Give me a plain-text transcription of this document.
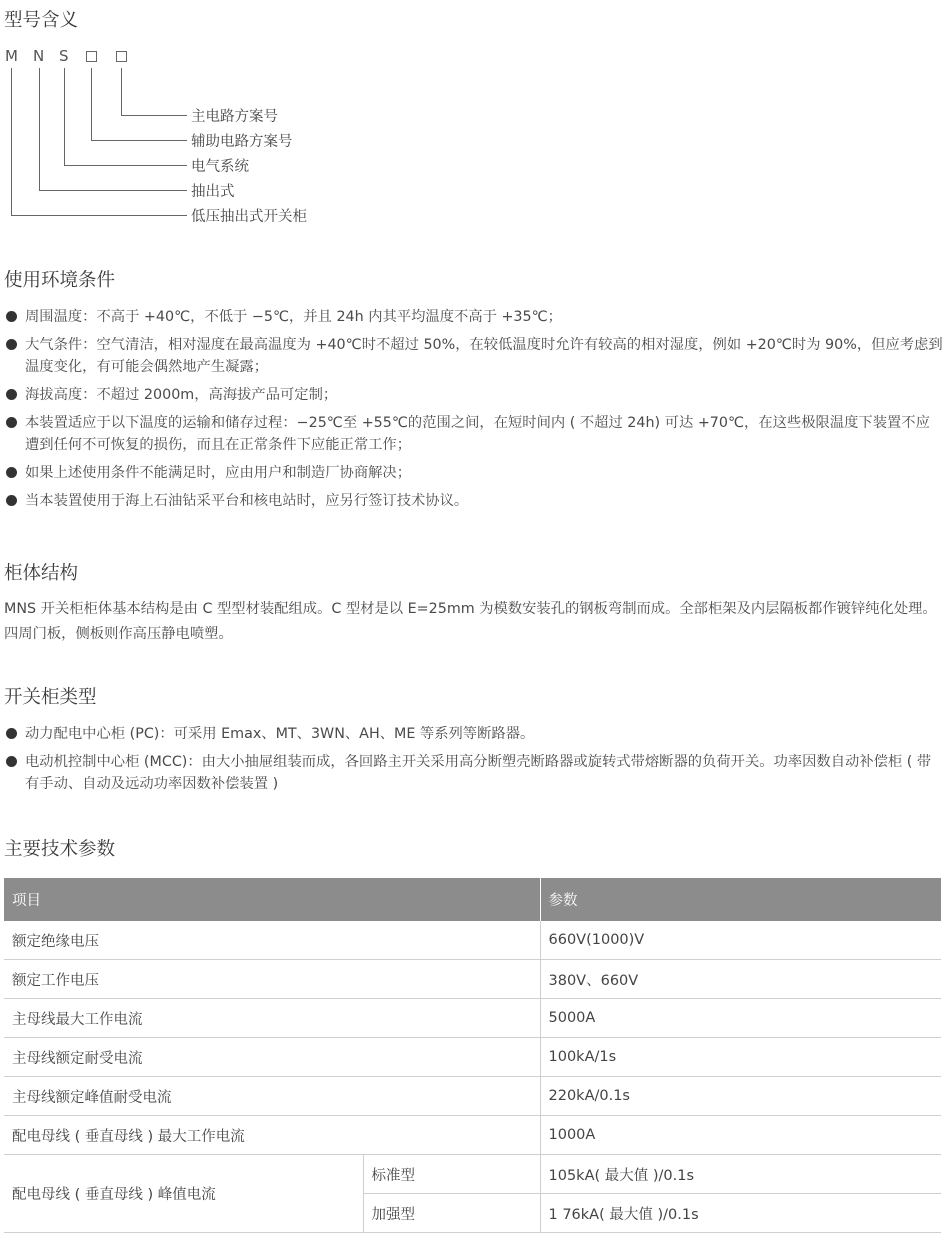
型号含义
M N S
主电路方案号
辅助电路方案号
电气系统
抽出式
低压抽出式开关柜
使用环境条件
周围温度：不高于 +40℃，不低于 −5℃，并且 24h 内其平均温度不高于 +35℃；
大气条件：空气清洁，相对湿度在最高温度为 +40℃时不超过 50%，在较低温度时允许有较高的相对湿度，例如 +20℃时为 90%，但应考虑到温度变化，有可能会偶然地产生凝露；
海拔高度：不超过 2000m，高海拔产品可定制；
本装置适应于以下温度的运输和储存过程：−25℃至 +55℃的范围之间，在短时间内 ( 不超过 24h) 可达 +70℃，在这些极限温度下装置不应遭到任何不可恢复的损伤，而且在正常条件下应能正常工作；
如果上述使用条件不能满足时，应由用户和制造厂协商解决；
当本装置使用于海上石油钻采平台和核电站时，应另行签订技术协议。
柜体结构

MNS 开关柜柜体基本结构是由 C 型型材装配组成。C 型材是以 E=25mm 为模数安装孔的钢板弯制而成。全部柜架及内层隔板都作镀锌纯化处理。四周门板，侧板则作高压静电喷塑。

开关柜类型
动力配电中心柜 (PC)：可采用 Emax、MT、3WN、AH、ME 等系列等断路器。
电动机控制中心柜 (MCC)：由大小抽屉组装而成，各回路主开关采用高分断塑壳断路器或旋转式带熔断器的负荷开关。功率因数自动补偿柜 ( 带有手动、自动及远动功率因数补偿装置 )
主要技术参数
项目		参数
额定绝缘电压		660V(1000)V
额定工作电压		380V、660V
主母线最大工作电流		5000A
主母线额定耐受电流		100kA/1s
主母线额定峰值耐受电流		220kA/0.1s
配电母线 ( 垂直母线 ) 最大工作电流		1000A
配电母线 ( 垂直母线 ) 峰值电流	标准型	105kA( 最大值 )/0.1s
	加强型	1 76kA( 最大值 )/0.1s
